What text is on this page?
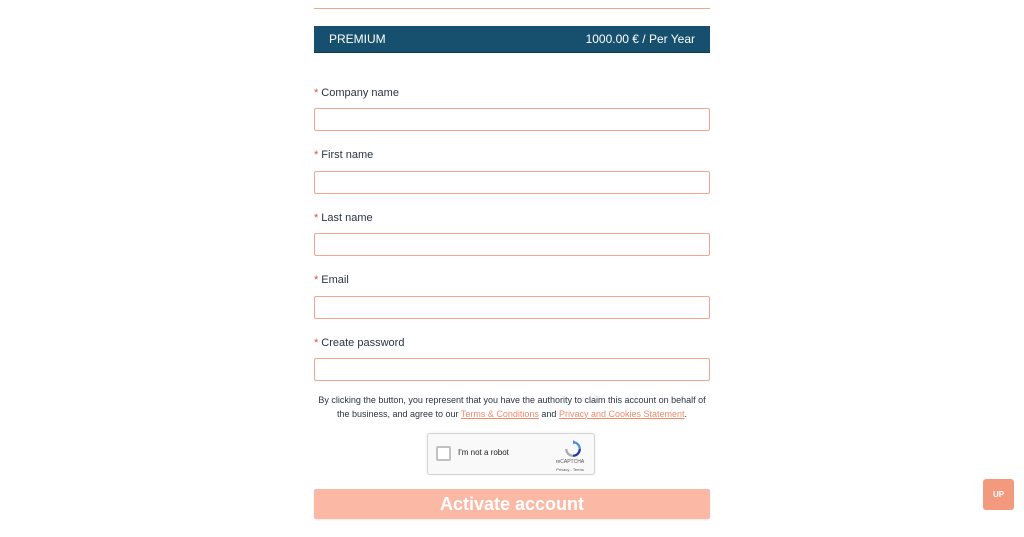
PREMIUM	1000.00 € / Per Year
* Company name
* First name
* Last name
* Email
* Create password
By clicking the button, you represent that you have the authority to claim this account on behalf of the business, and agree to our Terms & Conditions and Privacy and Cookies Statement.
I'm not a robot
reCAPTCHA
Privacy - Terms
Activate account	UP
